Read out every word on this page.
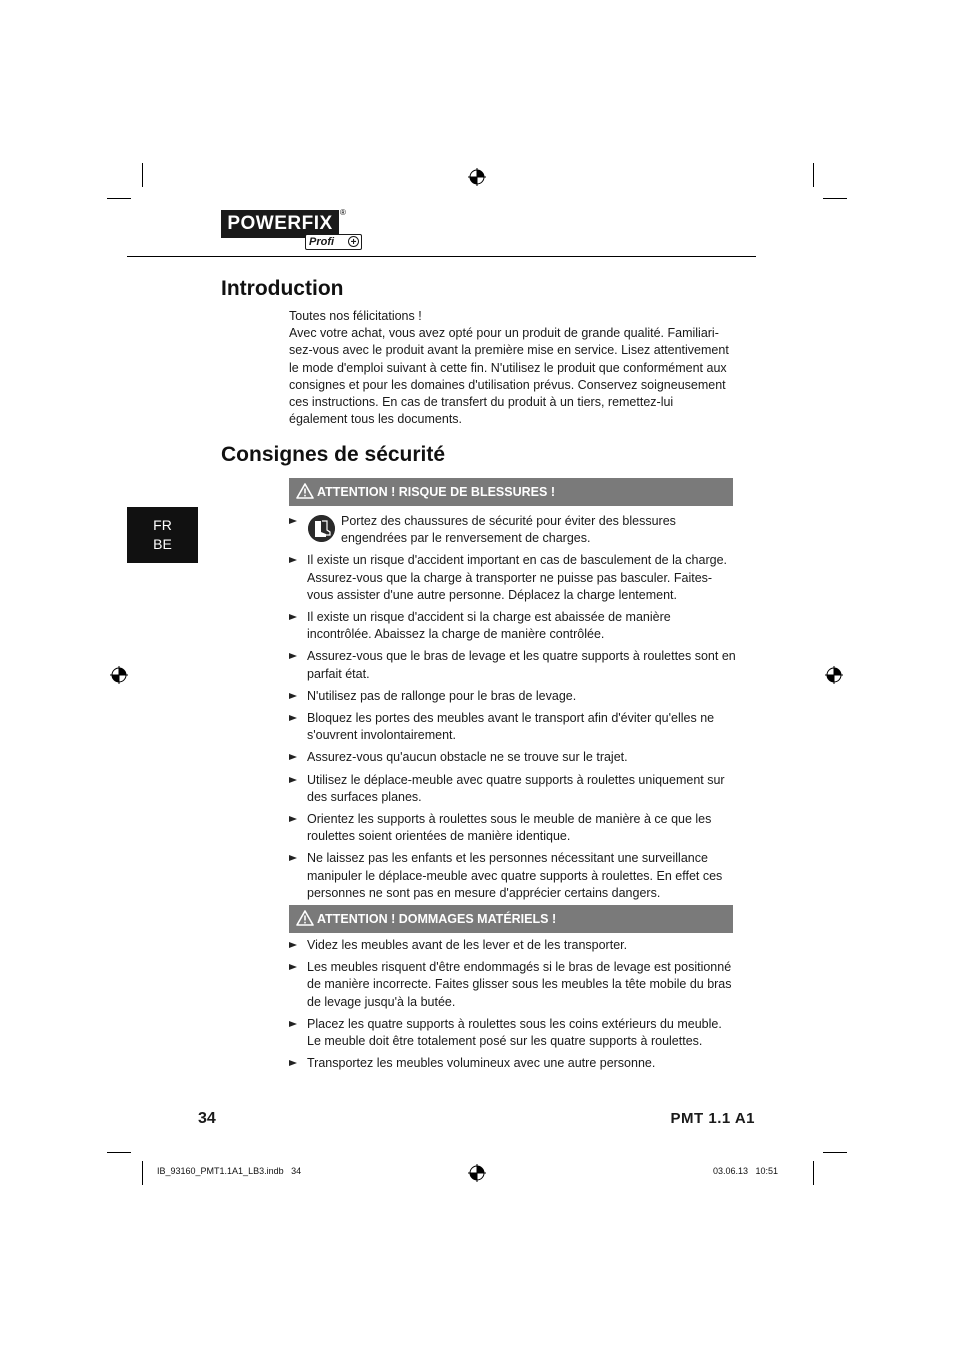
POWERFIX
®
Profi +
Introduction

Toutes nos félicitations !

Avec votre achat, vous avez opté pour un produit de grande qualité. Familiari-sez-vous avec le produit avant la première mise en service. Lisez attentivement le mode d'emploi suivant à cette fin. N'utilisez le produit que conformément aux consignes et pour les domaines d'utilisation prévus. Conservez soigneusement ces instructions. En cas de transfert du produit à un tiers, remettez-lui également tous les documents.

Consignes de sécurité
FR
BE
ATTENTION ! RISQUE DE BLESSURES !
Portez des chaussures de sécurité pour éviter des blessures engendrées par le renversement de charges.
Il existe un risque d'accident important en cas de basculement de la charge. Assurez-vous que la charge à transporter ne puisse pas basculer. Faites-vous assister d'une autre personne. Déplacez la charge lentement.
Il existe un risque d'accident si la charge est abaissée de manière incontrôlée. Abaissez la charge de manière contrôlée.
Assurez-vous que le bras de levage et les quatre supports à roulettes sont en parfait état.
N'utilisez pas de rallonge pour le bras de levage.
Bloquez les portes des meubles avant le transport afin d'éviter qu'elles ne s'ouvrent involontairement.
Assurez-vous qu'aucun obstacle ne se trouve sur le trajet.
Utilisez le déplace-meuble avec quatre supports à roulettes uniquement sur des surfaces planes.
Orientez les supports à roulettes sous le meuble de manière à ce que les roulettes soient orientées de manière identique.
Ne laissez pas les enfants et les personnes nécessitant une surveillance manipuler le déplace-meuble avec quatre supports à roulettes. En effet ces personnes ne sont pas en mesure d'apprécier certains dangers.
ATTENTION ! DOMMAGES MATÉRIELS !
Videz les meubles avant de les lever et de les transporter.
Les meubles risquent d'être endommagés si le bras de levage est positionné de manière incorrecte. Faites glisser sous les meubles la tête mobile du bras de levage jusqu'à la butée.
Placez les quatre supports à roulettes sous les coins extérieurs du meuble. Le meuble doit être totalement posé sur les quatre supports à roulettes.
Transportez les meubles volumineux avec une autre personne.
34	PMT 1.1 A1
IB_93160_PMT1.1A1_LB3.indb   34	03.06.13   10:51
